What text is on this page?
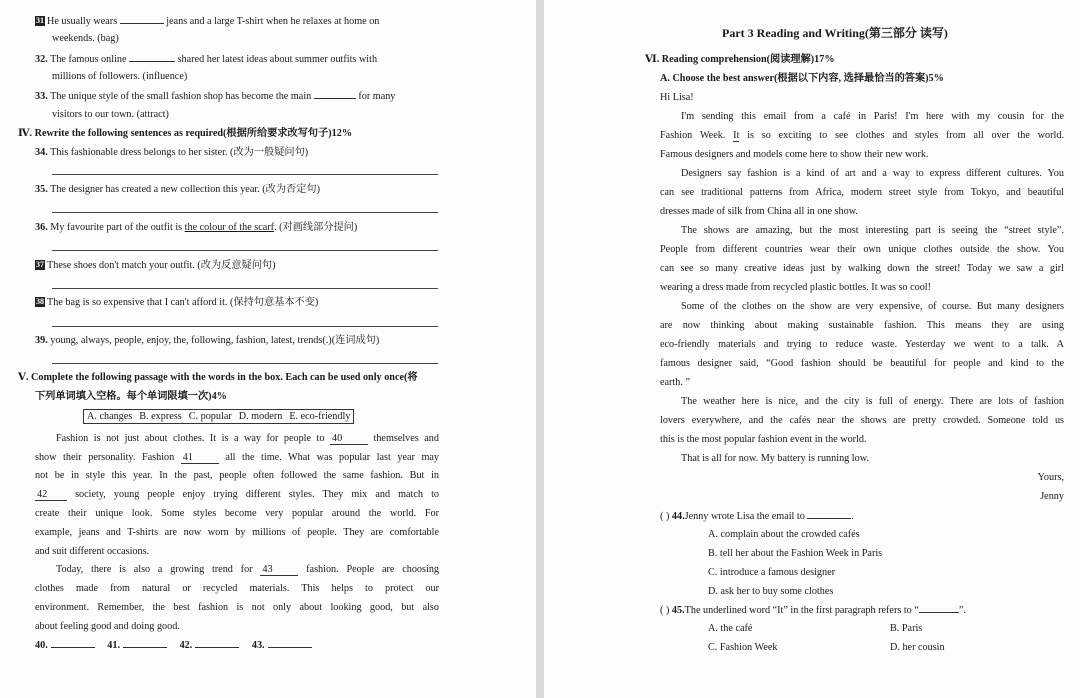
31 He usually wears	jeans and a large T-shirt when he relaxes at home on
weekends. (bag)
32. The famous online	shared her latest ideas about summer outfits with
millions of followers. (influence)
33. The unique style of the small fashion shop has become the main	for many
visitors to our town. (attract)
Ⅳ. Rewrite the following sentences as required(根据所给要求改写句子)12%
34. This fashionable dress belongs to her sister. (改为一般疑问句)
35. The designer has created a new collection this year. (改为否定句)
36. My favourite part of the outfit is the colour of the scarf. (对画线部分提问)
37 These shoes don't match your outfit. (改为反意疑问句)
38 The bag is so expensive that I can't afford it. (保持句意基本不变)
39. young, always, people, enjoy, the, following, fashion, latest, trends(.)(连词成句)
Ⅴ. Complete the following passage with the words in the box. Each can be used only once(将
下列单词填入空格。每个单词限填一次)4%
A. changes B. express C. popular D. modern E. eco-friendly
Fashion is not just about clothes. It is a way for people to 40	themselves and
show their personality. Fashion 41	all the time. What was popular last year may
not be in style this year. In the past, people often followed the same fashion. But in
42	society, young people enjoy trying different styles. They mix and match to
create their unique look. Some styles become very popular around the world. For
example, jeans and T-shirts are now worn by millions of people. They are comfortable
and suit different occasions.
Today, there is also a growing trend for 43	fashion. People are choosing
clothes made from natural or recycled materials. This helps to protect our
environment. Remember, the best fashion is not only about looking good, but also
about feeling good and doing good.
40.	41.	42.	43.
Part 3 Reading and Writing(第三部分 读写)
Ⅵ. Reading comprehension(阅读理解)17%
A. Choose the best answer(根据以下内容, 选择最恰当的答案)5%
Hi Lisa!
I'm sending this email from a café in Paris! I'm here with my cousin for the
Fashion Week. It is so exciting to see clothes and styles from all over the world.
Famous designers and models come here to show their new work.
Designers say fashion is a kind of art and a way to express different cultures. You
can see traditional patterns from Africa, modern street style from Tokyo, and beautiful
dresses made of silk from China all in one show.
The shows are amazing, but the most interesting part is seeing the “street style”.
People from different countries wear their own unique clothes outside the show. You
can see so many creative ideas just by walking down the street! Today we saw a girl
wearing a dress made from recycled plastic bottles. It was so cool!
Some of the clothes on the show are very expensive, of course. But many designers
are now thinking about making sustainable fashion. This means they are using
eco-friendly materials and trying to reduce waste. Yesterday we went to a talk. A
famous designer said, “Good fashion should be beautiful for people and kind to the
earth. ”
The weather here is nice, and the city is full of energy. There are lots of fashion
lovers everywhere, and the cafés near the shows are pretty crowded. Someone told us
this is the most popular fashion event in the world.
That is all for now. My battery is running low.
Yours,
Jenny
( ) 44.Jenny wrote Lisa the email to	.
A. complain about the crowded cafés
B. tell her about the Fashion Week in Paris
C. introduce a famous designer
D. ask her to buy some clothes
( ) 45.The underlined word “It” in the first paragraph refers to “	”.
A. the café	B. Paris
C. Fashion Week	D. her cousin
